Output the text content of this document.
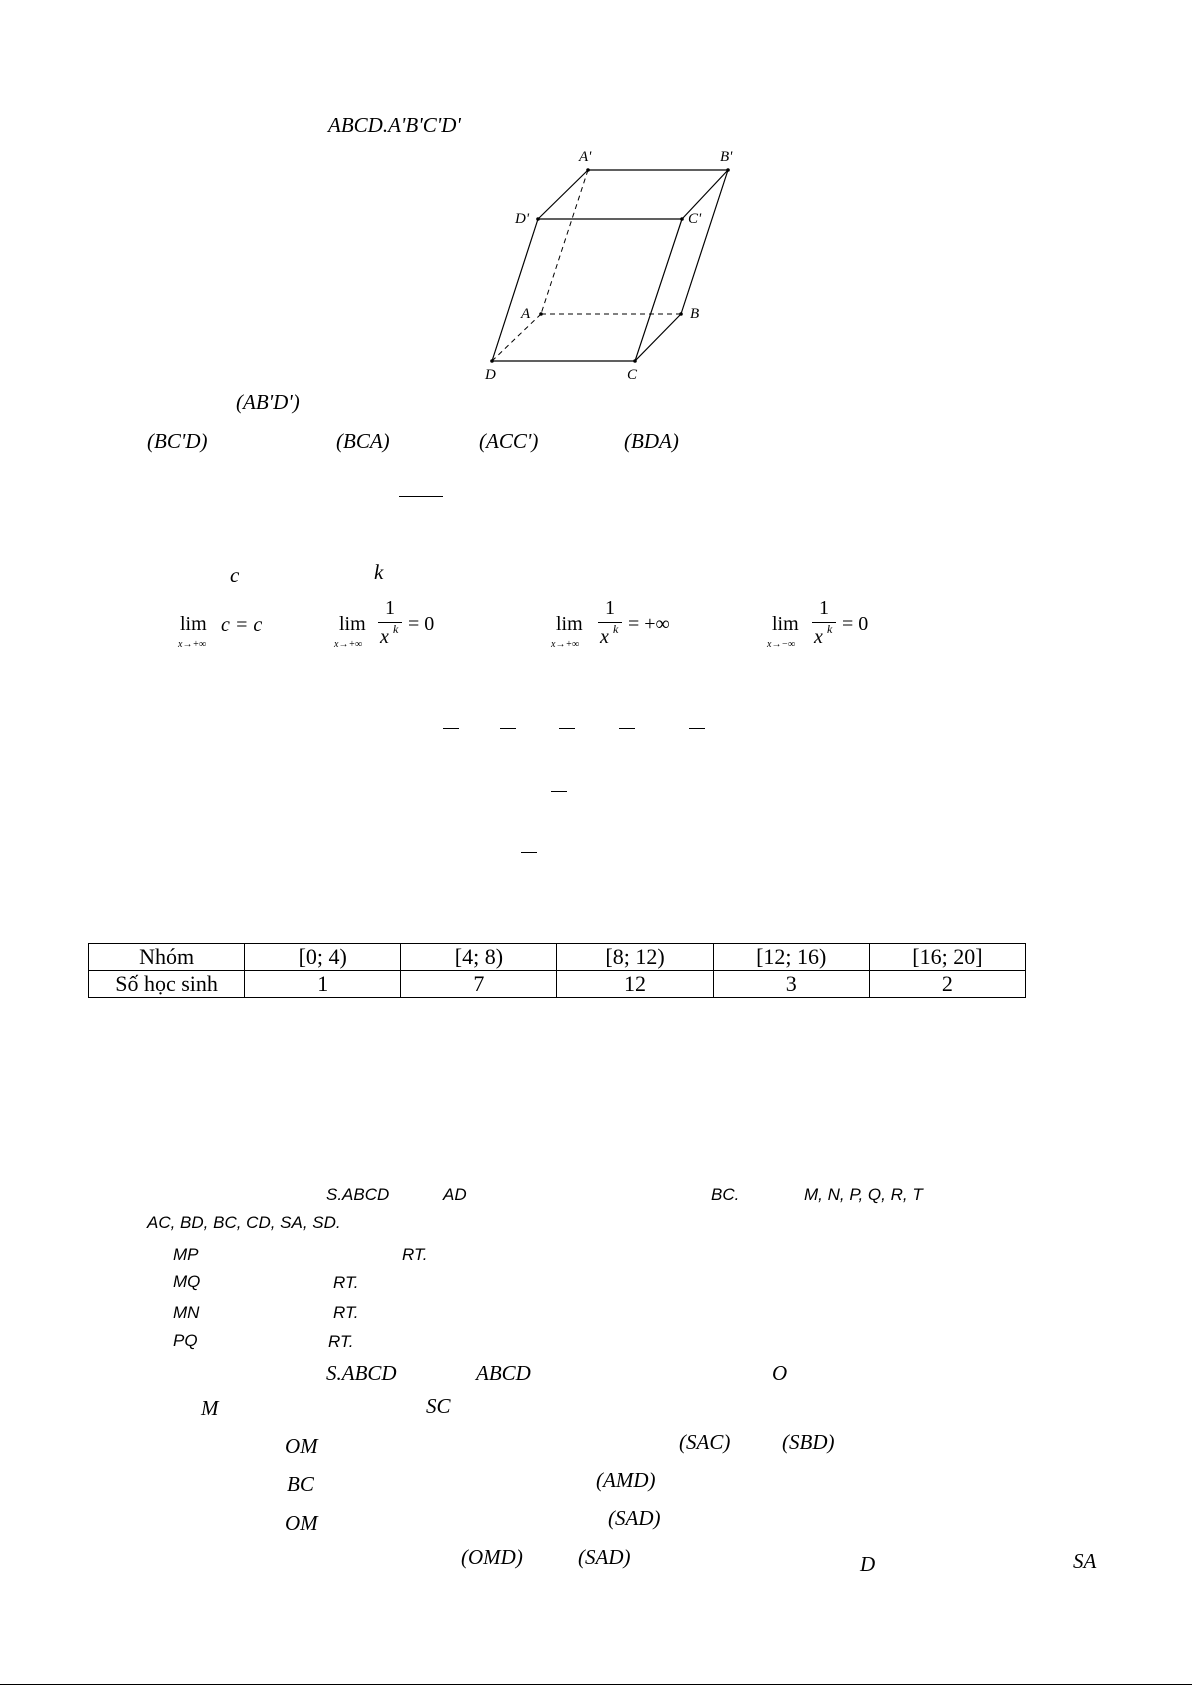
ABCD.A'B'C'D'
A'	B'
D'	C'
A	B
D	C
(AB'D')
(BC'D)	(BCA)	(ACC')	(BDA)
c	k
lim
x→+∞
c = c	lim
x→+∞
1
x k = 0	lim
x→+∞
1
x k = +∞	lim
x→−∞
1
x k = 0
Nhóm	[0; 4)	[4; 8)	[8; 12)	[12; 16)	[16; 20]
Số học sinh	1	7	12	3	2
S.ABCD	AD	BC.	M, N, P, Q, R, T
AC, BD, BC, CD, SA, SD.
MP	RT.
MQ	RT.
MN	RT.
PQ	RT.
S.ABCD	ABCD	O
M	SC
OM	(SAC) (SBD)
BC	(AMD)
OM	(SAD)
(OMD)	(SAD)	D	SA
